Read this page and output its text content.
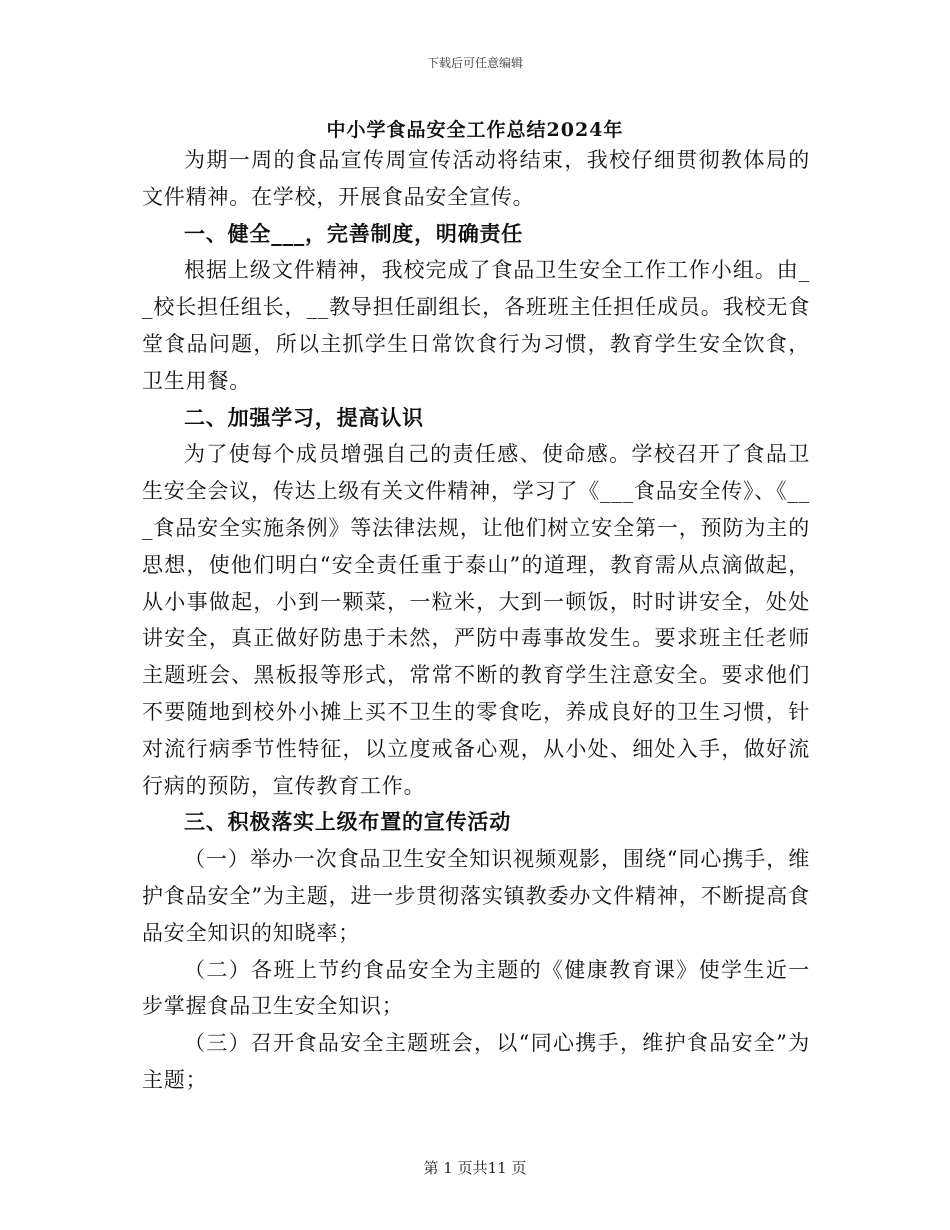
下载后可任意编辑
中小学食品安全工作总结2024年

为期一周的食品宣传周宣传活动将结束，我校仔细贯彻教体局的文件精神。在学校，开展食品安全宣传。

一、健全___，完善制度，明确责任

根据上级文件精神，我校完成了食品卫生安全工作工作小组。由__校长担任组长，__教导担任副组长，各班班主任担任成员。我校无食堂食品问题，所以主抓学生日常饮食行为习惯，教育学生安全饮食，卫生用餐。

二、加强学习，提高认识

为了使每个成员增强自己的责任感、使命感。学校召开了食品卫生安全会议，传达上级有关文件精神，学习了《___食品安全传》、《___食品安全实施条例》等法律法规，让他们树立安全第一，预防为主的思想，使他们明白“安全责任重于泰山”的道理，教育需从点滴做起，从小事做起，小到一颗菜，一粒米，大到一顿饭，时时讲安全，处处讲安全，真正做好防患于未然，严防中毒事故发生。要求班主任老师主题班会、黑板报等形式，常常不断的教育学生注意安全。要求他们不要随地到校外小摊上买不卫生的零食吃，养成良好的卫生习惯，针对流行病季节性特征，以立度戒备心观，从小处、细处入手，做好流行病的预防，宣传教育工作。

三、积极落实上级布置的宣传活动

（一）举办一次食品卫生安全知识视频观影，围绕“同心携手，维护食品安全”为主题，进一步贯彻落实镇教委办文件精神，不断提高食品安全知识的知晓率；

（二）各班上节约食品安全为主题的《健康教育课》使学生近一步掌握食品卫生安全知识；

（三）召开食品安全主题班会，以“同心携手，维护食品安全”为主题；

第 1 页共11 页
